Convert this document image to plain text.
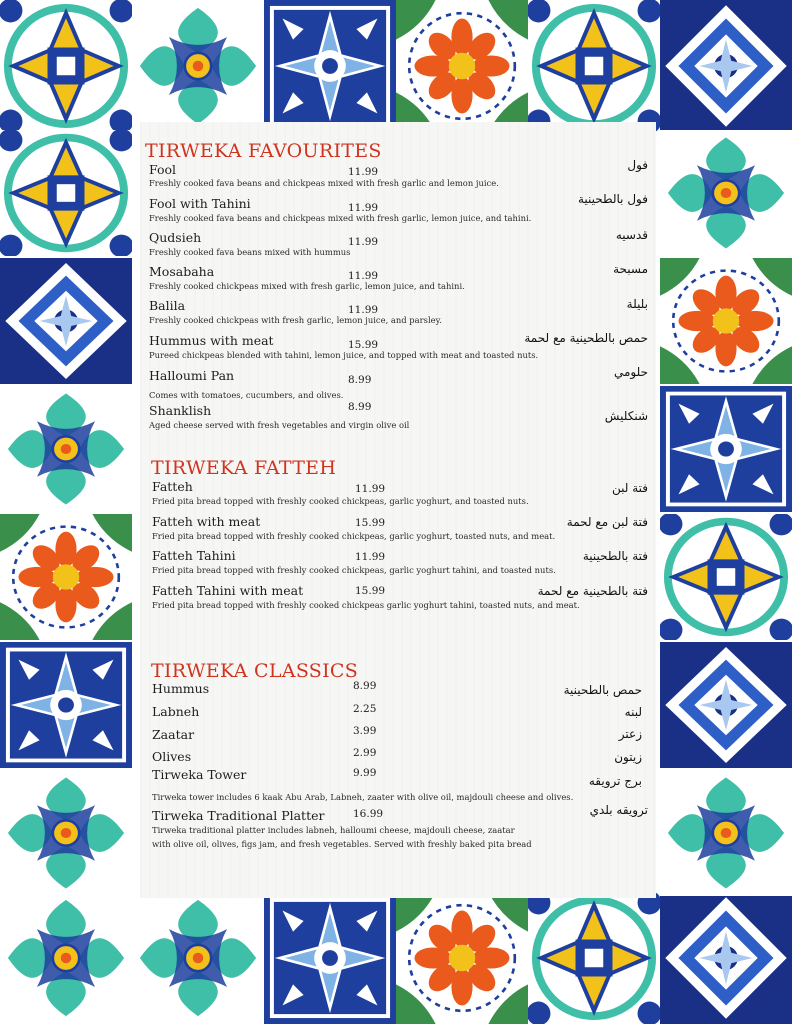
TIRWEKA FAVOURITES
Fool	11.99
Freshly cooked fava beans and chickpeas mixed with fresh garlic and lemon juice.
فول
Fool with Tahini	11.99
Freshly cooked fava beans and chickpeas mixed with fresh garlic, lemon juice, and tahini.
فول بالطحينية
Qudsieh	11.99
Freshly cooked fava beans mixed with hummus
قدسيه
Mosabaha	11.99
Freshly cooked chickpeas mixed with fresh garlic, lemon juice, and tahini.
مسبحة
Balila	11.99
Freshly cooked chickpeas with fresh garlic, lemon juice, and parsley.
بليلة
Hummus with meat	15.99
Pureed chickpeas blended with tahini, lemon juice, and topped with meat and toasted nuts.
حمص بالطحينية مع لحمة
Halloumi Pan	8.99
Comes with tomatoes, cucumbers, and olives.
حلومي
Shanklish	8.99
Aged cheese served with fresh vegetables and virgin olive oil
شنكليش
TIRWEKA FATTEH
Fatteh	11.99
Fried pita bread topped with freshly cooked chickpeas, garlic yoghurt, and toasted nuts.
فتة لبن
Fatteh with meat	15.99
Fried pita bread topped with freshly cooked chickpeas, garlic yoghurt, toasted nuts, and meat.
فتة لبن مع لحمة
Fatteh Tahini	11.99
Fried pita bread topped with freshly cooked chickpeas, garlic yoghurt tahini, and toasted nuts.
فتة بالطحينية
Fatteh Tahini with meat	15.99
Fried pita bread topped with freshly cooked chickpeas garlic yoghurt tahini, toasted nuts, and meat.
فتة بالطحينية مع لحمة
TIRWEKA CLASSICS
Hummus	8.99	حمص بالطحينية
Labneh	2.25	لبنه
Zaatar	3.99	زعتر
Olives	2.99	زيتون
Tirweka Tower	9.99
Tirweka tower includes 6 kaak Abu Arab, Labneh, zaater with olive oil, majdouli cheese and olives.
برج ترويقه
Tirweka Traditional Platter	16.99
Tirweka traditional platter includes labneh, halloumi cheese, majdouli cheese, zaatar
with olive oil, olives, figs jam, and fresh vegetables. Served with freshly baked pita bread
ترويقه بلدي
